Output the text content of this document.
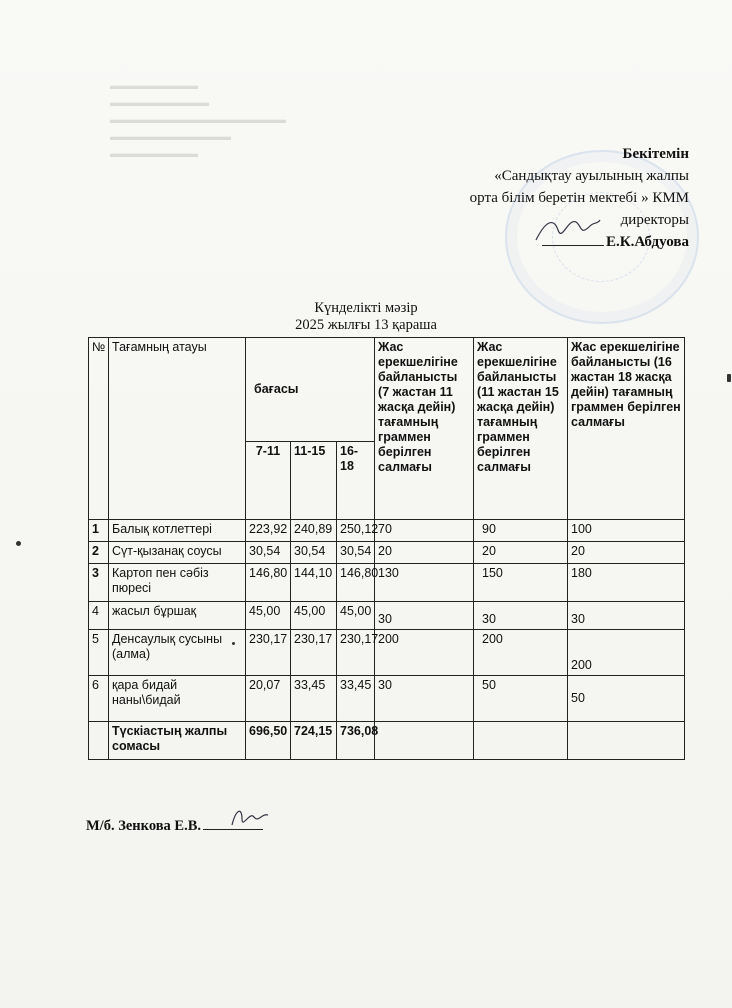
▬▬▬▬▬▬▬▬
▬▬▬▬▬▬▬▬▬
▬▬▬▬▬▬▬▬▬▬▬▬▬▬▬▬
▬▬▬▬▬▬▬▬▬▬▬
▬▬▬▬▬▬▬▬	Бекітемін
«Сандықтау ауылының жалпы
орта білім беретін мектебі » КММ
директоры
Е.К.Абдуова
Күнделікті мәзір
2025 жылғы 13 қараша
№	Тағамның атауы	бағасы			Жас ерекшелігіне байланысты (7 жастан 11 жасқа дейін) тағамның граммен берілген салмағы	Жас ерекшелігіне байланысты (11 жастан 15 жасқа дейін) тағамның граммен берілген салмағы	Жас ерекшелігіне байланысты (16 жастан 18 жасқа дейін) тағамның граммен берілген салмағы
		7-11	11-15	16-18			
1	Балық котлеттері	223,92	240,89	250,12	70	90	100
2	Сүт-қызанақ соусы	30,54	30,54	30,54	20	20	20
3	Картоп пен сәбіз пюресі	146,80	144,10	146,80	130	150	180
4	жасыл бұршақ	45,00	45,00	45,00	30	30	30
5	Денсаулық сусыны (алма)	230,17	230,17	230,17	200	200	200
6	қара бидай наны\бидай	20,07	33,45	33,45	30	50	50
	Түскіастың жалпы сомасы	696,50	724,15	736,08			
М/б. Зенкова Е.В.
